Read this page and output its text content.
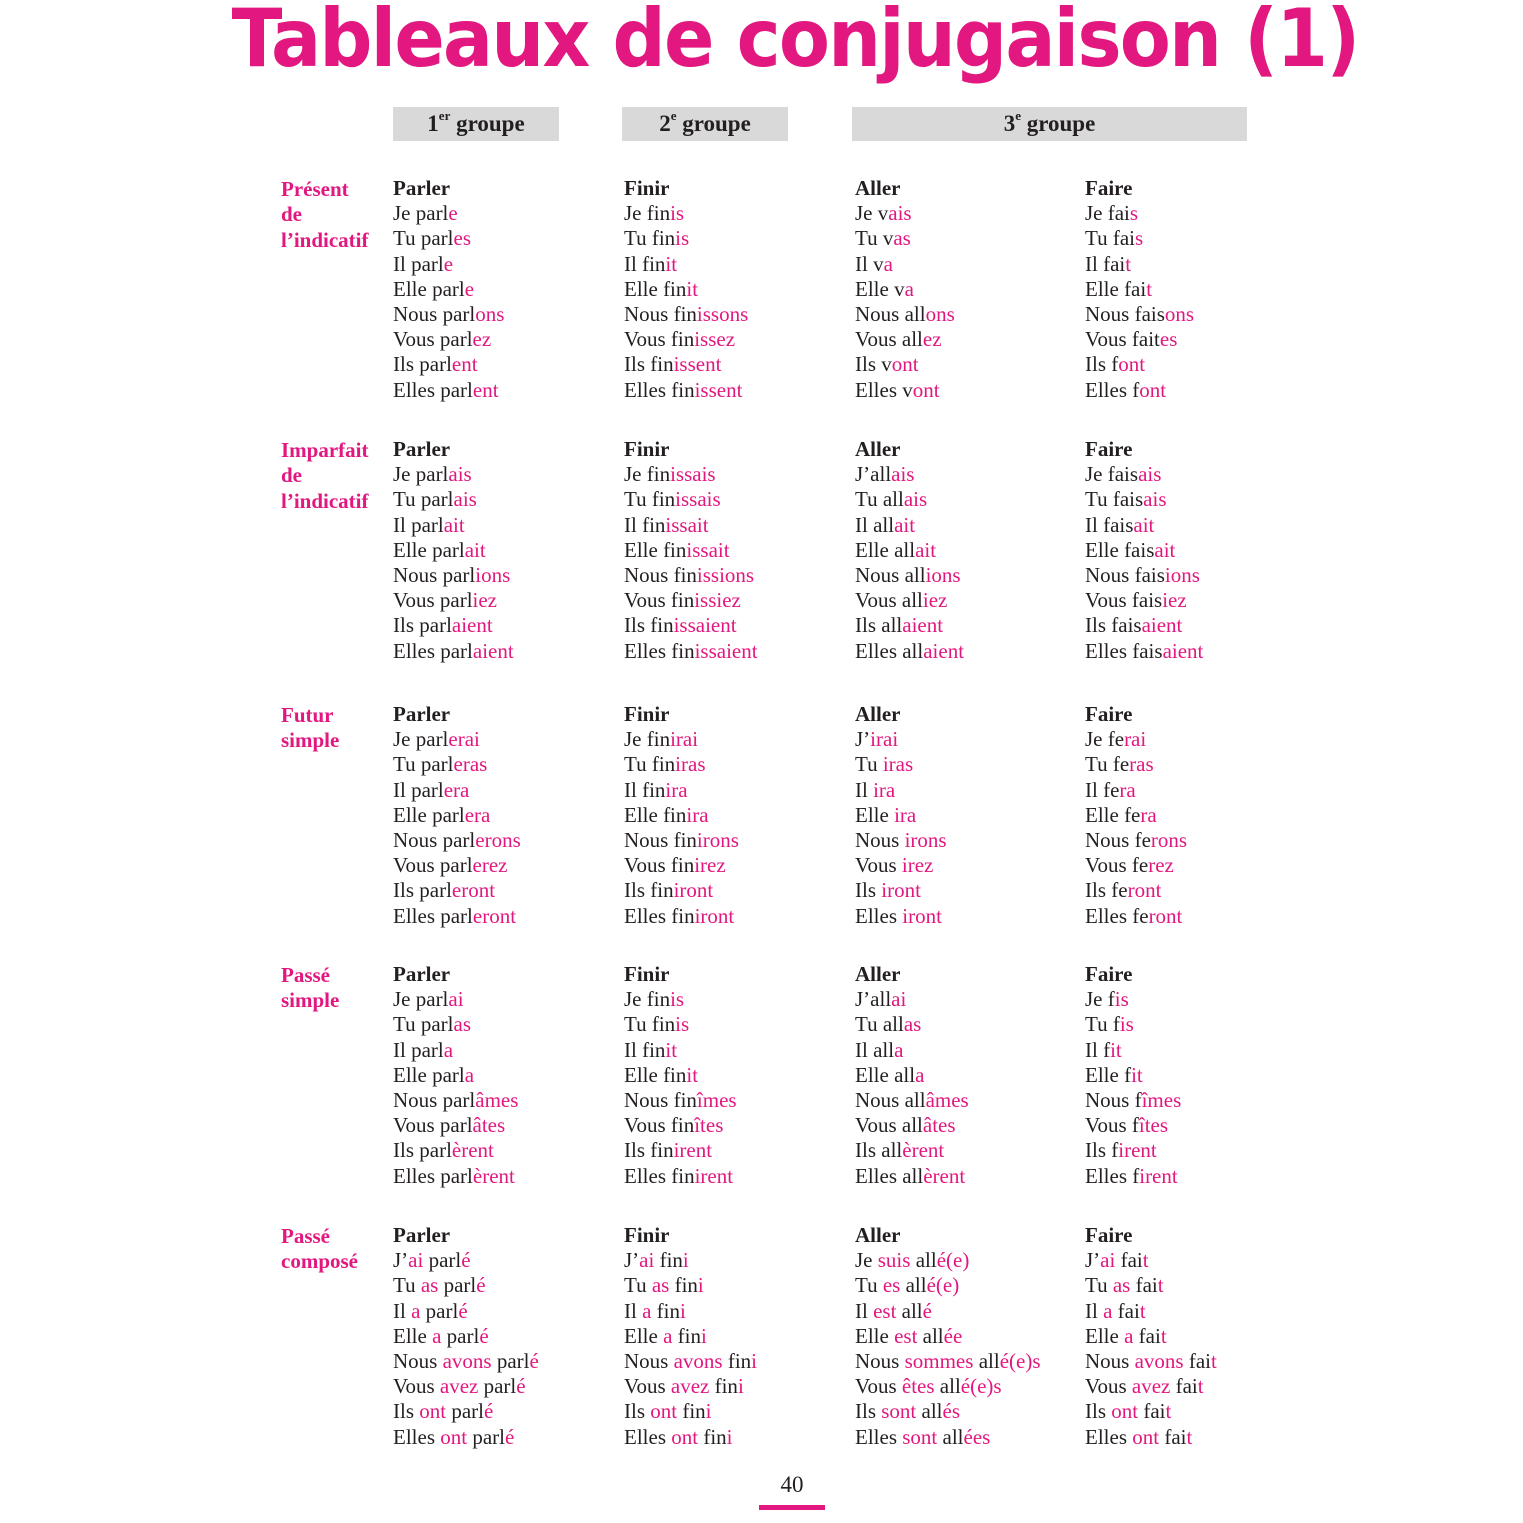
Tableaux de conjugaison (1)
1er groupe	2e groupe	3e groupe
Présent
de
l’indicatif
Parler
Je parle
Tu parles
Il parle
Elle parle
Nous parlons
Vous parlez
Ils parlent
Elles parlent
Finir
Je finis
Tu finis
Il finit
Elle finit
Nous finissons
Vous finissez
Ils finissent
Elles finissent
Aller
Je vais
Tu vas
Il va
Elle va
Nous allons
Vous allez
Ils vont
Elles vont
Faire
Je fais
Tu fais
Il fait
Elle fait
Nous faisons
Vous faites
Ils font
Elles font
Imparfait
de
l’indicatif
Parler
Je parlais
Tu parlais
Il parlait
Elle parlait
Nous parlions
Vous parliez
Ils parlaient
Elles parlaient
Finir
Je finissais
Tu finissais
Il finissait
Elle finissait
Nous finissions
Vous finissiez
Ils finissaient
Elles finissaient
Aller
J’allais
Tu allais
Il allait
Elle allait
Nous allions
Vous alliez
Ils allaient
Elles allaient
Faire
Je faisais
Tu faisais
Il faisait
Elle faisait
Nous faisions
Vous faisiez
Ils faisaient
Elles faisaient
Futur
simple
Parler
Je parlerai
Tu parleras
Il parlera
Elle parlera
Nous parlerons
Vous parlerez
Ils parleront
Elles parleront
Finir
Je finirai
Tu finiras
Il finira
Elle finira
Nous finirons
Vous finirez
Ils finiront
Elles finiront
Aller
J’irai
Tu iras
Il ira
Elle ira
Nous irons
Vous irez
Ils iront
Elles iront
Faire
Je ferai
Tu feras
Il fera
Elle fera
Nous ferons
Vous ferez
Ils feront
Elles feront
Passé
simple
Parler
Je parlai
Tu parlas
Il parla
Elle parla
Nous parlâmes
Vous parlâtes
Ils parlèrent
Elles parlèrent
Finir
Je finis
Tu finis
Il finit
Elle finit
Nous finîmes
Vous finîtes
Ils finirent
Elles finirent
Aller
J’allai
Tu allas
Il alla
Elle alla
Nous allâmes
Vous allâtes
Ils allèrent
Elles allèrent
Faire
Je fis
Tu fis
Il fit
Elle fit
Nous fîmes
Vous fîtes
Ils firent
Elles firent
Passé
composé
Parler
J’ai parlé
Tu as parlé
Il a parlé
Elle a parlé
Nous avons parlé
Vous avez parlé
Ils ont parlé
Elles ont parlé
Finir
J’ai fini
Tu as fini
Il a fini
Elle a fini
Nous avons fini
Vous avez fini
Ils ont fini
Elles ont fini
Aller
Je suis allé(e)
Tu es allé(e)
Il est allé
Elle est allée
Nous sommes allé(e)s
Vous êtes allé(e)s
Ils sont allés
Elles sont allées
Faire
J’ai fait
Tu as fait
Il a fait
Elle a fait
Nous avons fait
Vous avez fait
Ils ont fait
Elles ont fait
40
